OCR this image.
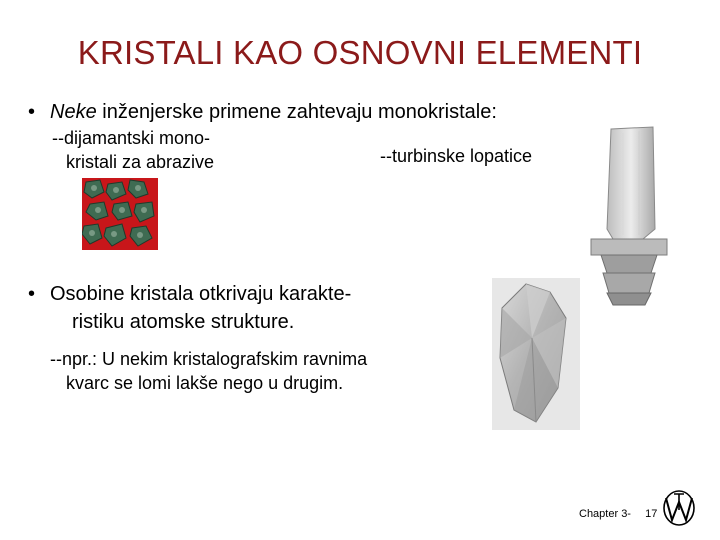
KRISTALI KAO OSNOVNI ELEMENTI
• Neke inženjerske primene zahtevaju monokristale:
--dijamantski mono-
kristali za abrazive	--turbinske lopatice
• Osobine kristala otkrivaju karakte-
ristiku atomske strukture.
--npr.: U nekim kristalografskim ravnima
kvarc se lomi lakše nego u drugim.
Chapter 3- 17
